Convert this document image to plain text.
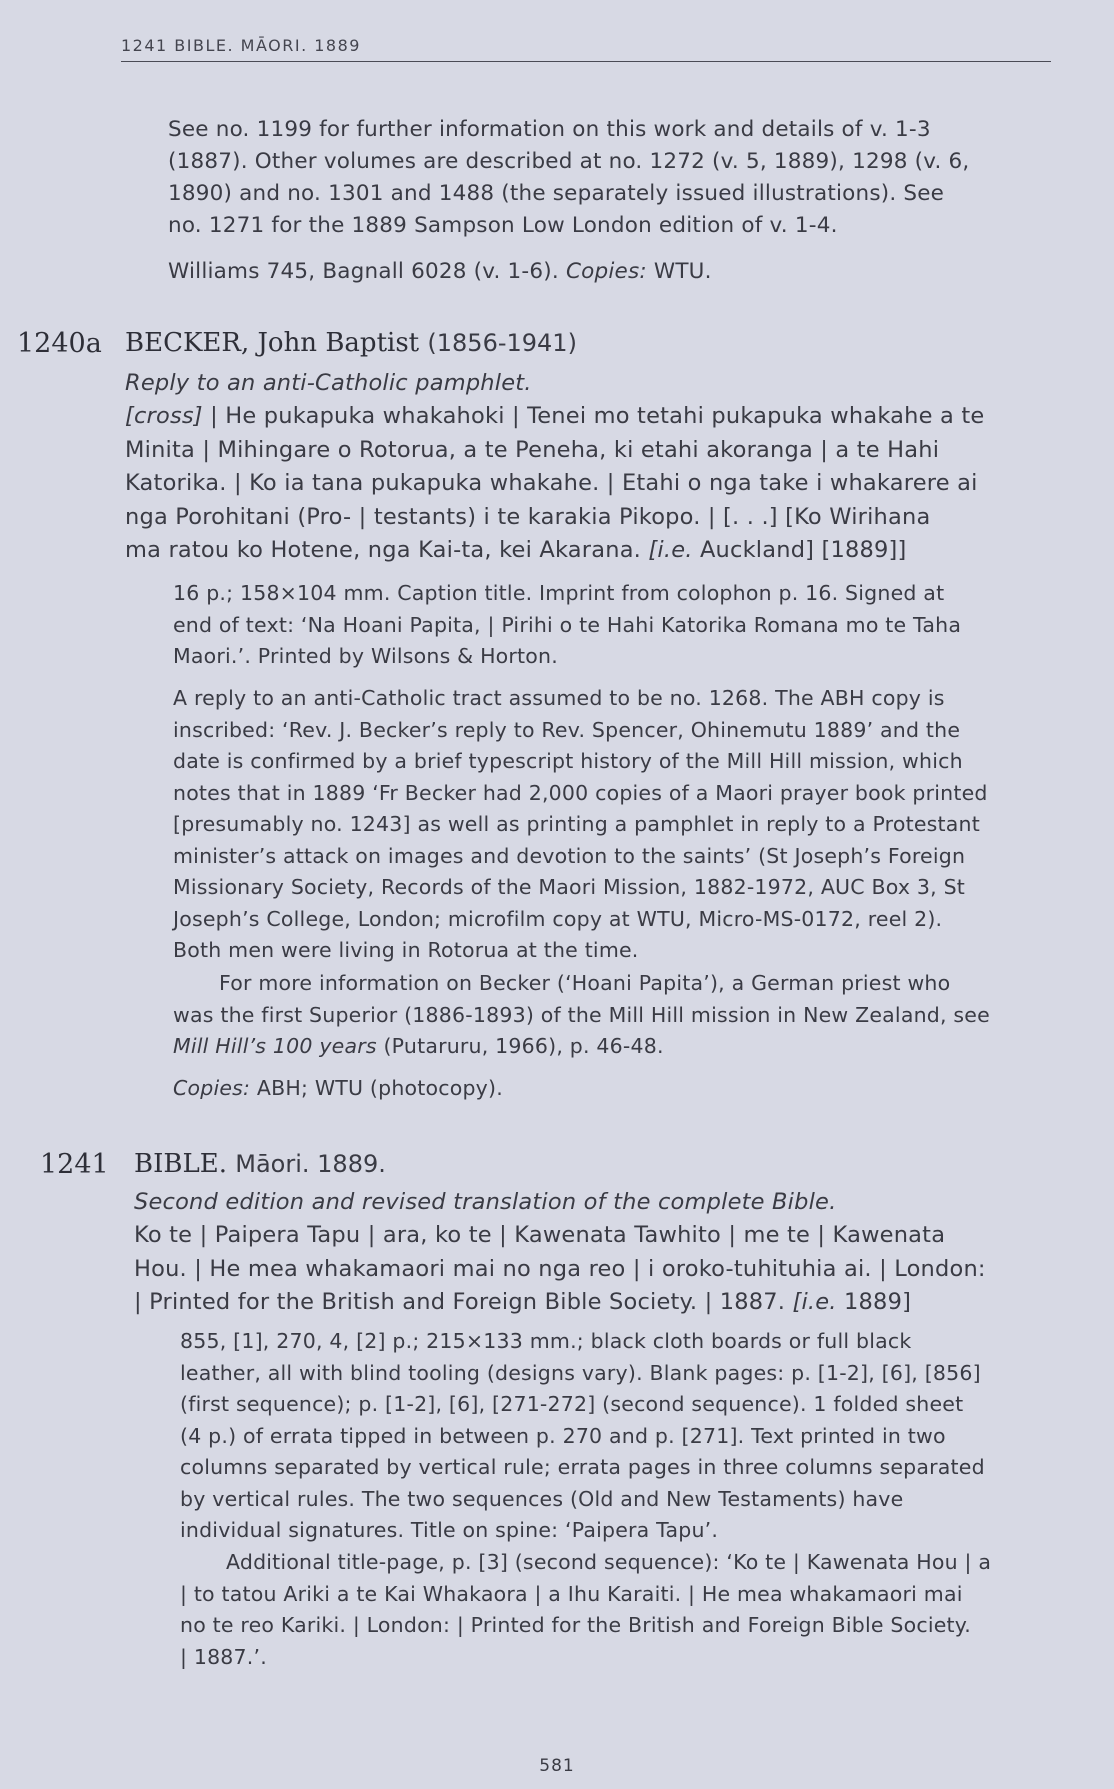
1241 BIBLE. MĀORI. 1889
See no. 1199 for further information on this work and details of v. 1-3
(1887). Other volumes are described at no. 1272 (v. 5, 1889), 1298 (v. 6,
1890) and no. 1301 and 1488 (the separately issued illustrations). See
no. 1271 for the 1889 Sampson Low London edition of v. 1-4.
Williams 745, Bagnall 6028 (v. 1-6). Copies: WTU.
1240a BECKER, John Baptist (1856-1941)
Reply to an anti-Catholic pamphlet.
[cross] | He pukapuka whakahoki | Tenei mo tetahi pukapuka whakahe a te
Minita | Mihingare o Rotorua, a te Peneha, ki etahi akoranga | a te Hahi
Katorika. | Ko ia tana pukapuka whakahe. | Etahi o nga take i whakarere ai
nga Porohitani (Pro- | testants) i te karakia Pikopo. | [. . .] [Ko Wirihana
ma ratou ko Hotene, nga Kai-ta, kei Akarana. [i.e. Auckland] [1889]]
16 p.; 158×104 mm. Caption title. Imprint from colophon p. 16. Signed at
end of text: ‘Na Hoani Papita, | Pirihi o te Hahi Katorika Romana mo te Taha
Maori.’. Printed by Wilsons & Horton.
A reply to an anti-Catholic tract assumed to be no. 1268. The ABH copy is
inscribed: ‘Rev. J. Becker’s reply to Rev. Spencer, Ohinemutu 1889’ and the
date is confirmed by a brief typescript history of the Mill Hill mission, which
notes that in 1889 ‘Fr Becker had 2,000 copies of a Maori prayer book printed
[presumably no. 1243] as well as printing a pamphlet in reply to a Protestant
minister’s attack on images and devotion to the saints’ (St Joseph’s Foreign
Missionary Society, Records of the Maori Mission, 1882-1972, AUC Box 3, St
Joseph’s College, London; microfilm copy at WTU, Micro-MS-0172, reel 2).
Both men were living in Rotorua at the time.
For more information on Becker (‘Hoani Papita’), a German priest who
was the first Superior (1886-1893) of the Mill Hill mission in New Zealand, see
Mill Hill’s 100 years (Putaruru, 1966), p. 46-48.
Copies: ABH; WTU (photocopy).
1241 BIBLE. Māori. 1889.
Second edition and revised translation of the complete Bible.
Ko te | Paipera Tapu | ara, ko te | Kawenata Tawhito | me te | Kawenata
Hou. | He mea whakamaori mai no nga reo | i oroko-tuhituhia ai. | London:
| Printed for the British and Foreign Bible Society. | 1887. [i.e. 1889]
855, [1], 270, 4, [2] p.; 215×133 mm.; black cloth boards or full black
leather, all with blind tooling (designs vary). Blank pages: p. [1-2], [6], [856]
(first sequence); p. [1-2], [6], [271-272] (second sequence). 1 folded sheet
(4 p.) of errata tipped in between p. 270 and p. [271]. Text printed in two
columns separated by vertical rule; errata pages in three columns separated
by vertical rules. The two sequences (Old and New Testaments) have
individual signatures. Title on spine: ‘Paipera Tapu’.
Additional title-page, p. [3] (second sequence): ‘Ko te | Kawenata Hou | a
| to tatou Ariki a te Kai Whakaora | a Ihu Karaiti. | He mea whakamaori mai
no te reo Kariki. | London: | Printed for the British and Foreign Bible Society.
| 1887.’.
581
